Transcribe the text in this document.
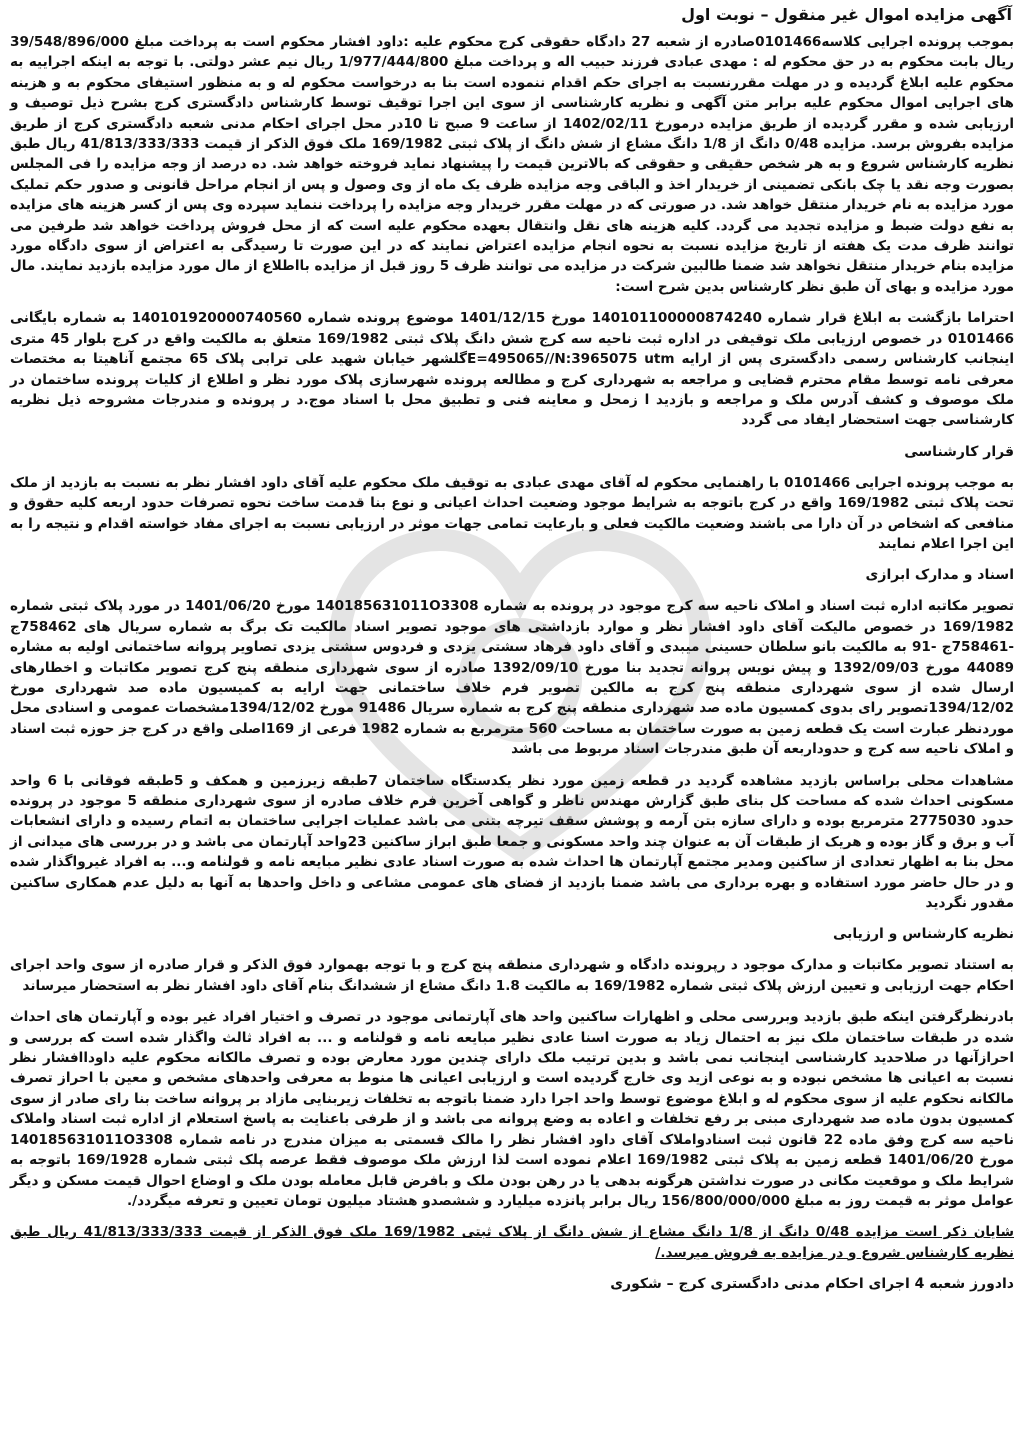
آگهی مزایده اموال غیر منقول – نوبت اول
بموجب پرونده اجرایی کلاسه0101466صادره از شعبه 27 دادگاه حقوقی کرج محکوم علیه :داود افشار محکوم است به پرداخت مبلغ 39/548/896/000 ریال بابت محکوم به در حق محکوم له : مهدی عبادی فرزند حبیب اله و پرداخت مبلغ 1/977/444/800 ریال نیم عشر دولتی. با توجه به اینکه اجراییه به محکوم علیه ابلاغ گردیده و در مهلت مقررنسبت به اجرای حکم اقدام ننموده است بنا به درخواست محکوم له و به منظور استیفای محکوم به و هزینه های اجرایی اموال محکوم علیه برابر متن آگهی و نظریه کارشناسی از سوی این اجرا توقیف توسط کارشناس دادگستری کرج بشرح ذیل توصیف و ارزیابی شده و مقرر گردیده از طریق مزایده درمورخ 1402/02/11 از ساعت 9 صبح تا 10در محل اجرای احکام مدنی شعبه دادگستری کرج از طریق مزایده بفروش برسد. مزایده 0/48 دانگ از 1/8 دانگ مشاع از شش دانگ از پلاک ثبتی 169/1982 ملک فوق الذکر از قیمت 41/813/333/333 ریال طبق نظریه کارشناس شروع و به هر شخص حقیقی و حقوقی که بالاترین قیمت را پیشنهاد نماید فروخته خواهد شد. ده درصد از وجه مزایده را فی المجلس بصورت وجه نقد یا چک بانکی تضمینی از خریدار اخذ و الباقی وجه مزایده ظرف یک ماه از وی وصول و پس از انجام مراحل قانونی و صدور حکم تملیک مورد مزایده به نام خریدار منتقل خواهد شد. در صورتی که در مهلت مقرر خریدار وجه مزایده را پرداخت ننماید سپرده وی پس از کسر هزینه های مزایده به نفع دولت ضبط و مزایده تجدید می گردد. کلیه هزینه های نقل وانتقال بعهده محکوم علیه است که از محل فروش پرداخت خواهد شد طرفین می توانند ظرف مدت یک هفته از تاریخ مزایده نسبت به نحوه انجام مزایده اعتراض نمایند که در این صورت تا رسیدگی به اعتراض از سوی دادگاه مورد مزایده بنام خریدار منتقل نخواهد شد ضمنا طالبین شرکت در مزایده می توانند ظرف 5 روز قبل از مزایده بااطلاع از مال مورد مزایده بازدید نمایند. مال مورد مزایده و بهای آن طبق نظر کارشناس بدین شرح است:
احتراما بازگشت به ابلاغ قرار شماره 140101100000874240 مورخ 1401/12/15 موضوع پرونده شماره 140101920000740560 به شماره بایگانی 0101466 در خصوص ارزیابی ملک توقیفی در اداره ثبت ناحیه سه کرج شش دانگ پلاک ثبتی 169/1982 متعلق به مالکیت واقع در کرج بلوار 45 متری اینجانب کارشناس رسمی دادگستری پس از ارایه E=495065//N:3965075 utmگلشهر خیابان شهید علی ترابی پلاک 65 مجتمع آناهیتا به مختصات معرفی نامه توسط مقام محترم قضایی و مراجعه به شهرداری کرج و مطالعه پرونده شهرسازی پلاک مورد نظر و اطلاع از کلیات پرونده ساختمان در ملک موصوف و کشف آدرس ملک و مراجعه و بازدید ا زمحل و معاینه فنی و تطبیق محل با اسناد موج.د ر پرونده و مندرجات مشروحه ذیل نظریه کارشناسی جهت استحضار ایفاد می گردد
قرار کارشناسی
به موجب پرونده اجرایی 0101466 با راهنمایی محکوم له آقای مهدی عبادی به توقیف ملک محکوم علیه آقای داود افشار نظر به نسبت به بازدید از ملک تحت پلاک ثبتی 169/1982 واقع در کرج باتوجه به شرایط موجود وضعیت احداث اعیانی و نوع بنا قدمت ساخت نحوه تصرفات حدود اربعه کلیه حقوق و منافعی که اشخاص در آن دارا می باشند وضعیت مالکیت فعلی و بارعایت تمامی جهات موثر در ارزیابی نسبت به اجرای مفاد خواسته اقدام و نتیجه را به این اجرا اعلام نمایند
اسناد و مدارک ابرازی
تصویر مکاتبه اداره ثبت اسناد و املاک ناحیه سه کرج موجود در پرونده به شماره 140185631011O3308 مورخ 1401/06/20 در مورد پلاک ثبتی شماره 169/1982 در خصوص مالیکت آقای داود افشار نظر و موارد بازداشتی های موجود تصویر اسناد مالکیت تک برگ به شماره سریال های 758462ج -758461ج -91 به مالکیت بانو سلطان حسینی میبدی و آقای داود فرهاد سشتی یزدی و فردوس سشتی یزدی تصاویر پروانه ساختمانی اولیه به مشاره 44089 مورخ 1392/09/03 و پیش نویس پروانه تجدید بنا مورخ 1392/09/10 صادره از سوی شهرداری منطقه پنج کرج تصویر مکاتبات و اخطارهای ارسال شده از سوی شهرداری منطقه پنج کرج به مالکین تصویر فرم خلاف ساختمانی جهت ارایه به کمیسیون ماده صد شهرداری مورخ 1394/12/02تصویر رای بدوی کمسیون ماده صد شهرداری منطقه پنج کرج به شماره سریال 91486 مورخ 1394/12/02مشخصات عمومی و اسنادی محل موردنظر عبارت است یک قطعه زمین به صورت ساختمان به مساحت 560 مترمربع به شماره 1982 فرعی از 169اصلی واقع در کرج جز حوزه ثبت اسناد و املاک ناحیه سه کرج و حدوداربعه آن طبق مندرجات اسناد مربوط می باشد
مشاهدات محلی براساس بازدید مشاهده گردید در قطعه زمین مورد نظر یکدستگاه ساختمان 7طبقه زیرزمین و همکف و 5طبقه فوقانی با 6 واحد مسکونی احداث شده که مساحت کل بنای طبق گزارش مهندس ناظر و گواهی آخرین فرم خلاف صادره از سوی شهرداری منطقه 5 موجود در پرونده حدود 2775030 مترمربع بوده و دارای سازه بتن آرمه و پوشش سقف تیرچه بتنی می باشد عملیات اجرایی ساختمان به اتمام رسیده و دارای انشعابات آب و برق و گاز بوده و هریک از طبقات آن به عنوان چند واحد مسکونی و جمعا طبق ابراز ساکنین 23واحد آپارتمان می باشد و در بررسی های میدانی از محل بنا به اظهار تعدادی از ساکنین ومدیر مجتمع آپارتمان ها احداث شده به صورت اسناد عادی نظیر مبایعه نامه و قولنامه و... به افراد غیرواگذار شده و در حال حاضر مورد استفاده و بهره برداری می باشد ضمنا بازدید از فضای های عمومی مشاعی و داخل واحدها به آنها به دلیل عدم همکاری ساکنین مقدور نگردید
نظریه کارشناس و ارزیابی
به استناد تصویر مکاتبات و مدارک موجود د رپرونده دادگاه و شهرداری منطقه پنج کرج و با توجه بهموارد فوق الذکر و قرار صادره از سوی واحد اجرای احکام جهت ارزیابی و تعیین ارزش پلاک ثبتی شماره 169/1982 به مالکیت 1.8 دانگ مشاع از ششدانگ بنام آقای داود افشار نظر به استحضار میرساند
بادرنظرگرفتن اینکه طبق بازدید وبررسی محلی و اظهارات ساکنین واحد های آپارتمانی موجود در تصرف و اختیار افراد غیر بوده و آپارتمان های احداث شده در طبقات ساختمان ملک نیز به احتمال زیاد به صورت اسنا عادی نظیر مبایعه نامه و قولنامه و ... به افراد ثالث واگذار شده است که بررسی و احرازآنها در صلاحدید کارشناسی اینجانب نمی باشد و بدین ترتیب ملک دارای چندین مورد معارض بوده و تصرف مالکانه محکوم علیه داوداافشار نظر نسبت به اعیانی ها مشخص نبوده و به نوعی ازید وی خارج گردیده است و ارزیابی اعیانی ها منوط به معرفی واحدهای مشخص و معین با احراز تصرف مالکانه نحکوم علیه از سوی محکوم له و ابلاغ موضوع توسط واحد اجرا دارد ضمنا باتوجه به تخلفات زیربنایی مازاد بر پروانه ساخت بنا رای صادر از سوی کمسیون بدون ماده صد شهرداری مبنی بر رفع تخلفات و اعاده به وضع پروانه می باشد و از طرفی باعنایت به پاسخ استعلام از اداره ثبت اسناد واملاک ناحیه سه کرج وفق ماده 22 قانون ثبت اسنادواملاک آقای داود افشار نظر را مالک قسمتی به میزان مندرج در نامه شماره 140185631011O3308 مورخ 1401/06/20 قطعه زمین به پلاک ثبتی 169/1982 اعلام نموده است لذا ارزش ملک موصوف فقط عرصه پلک ثبتی شماره 169/1928 باتوجه به شرایط ملک و موقعیت مکانی در صورت نداشتن هرگونه بدهی یا در رهن بودن ملک و بافرض قابل معامله بودن ملک و اوضاع احوال قیمت مسکن و دیگر عوامل موثر به قیمت روز به مبلغ 156/800/000/000 ریال برابر پانزده میلیارد و ششصدو هشتاد میلیون تومان تعیین و تعرفه میگردد/.
شایان ذکر است مزایده 0/48 دانگ از 1/8 دانگ مشاع از شش دانگ از پلاک ثبتی 169/1982 ملک فوق الذکر از قیمت 41/813/333/333 ریال طبق نظریه کارشناس شروع و در مزایده به فروش میرسد./
دادورز شعبه 4 اجرای احکام مدنی دادگستری کرج – شکوری
